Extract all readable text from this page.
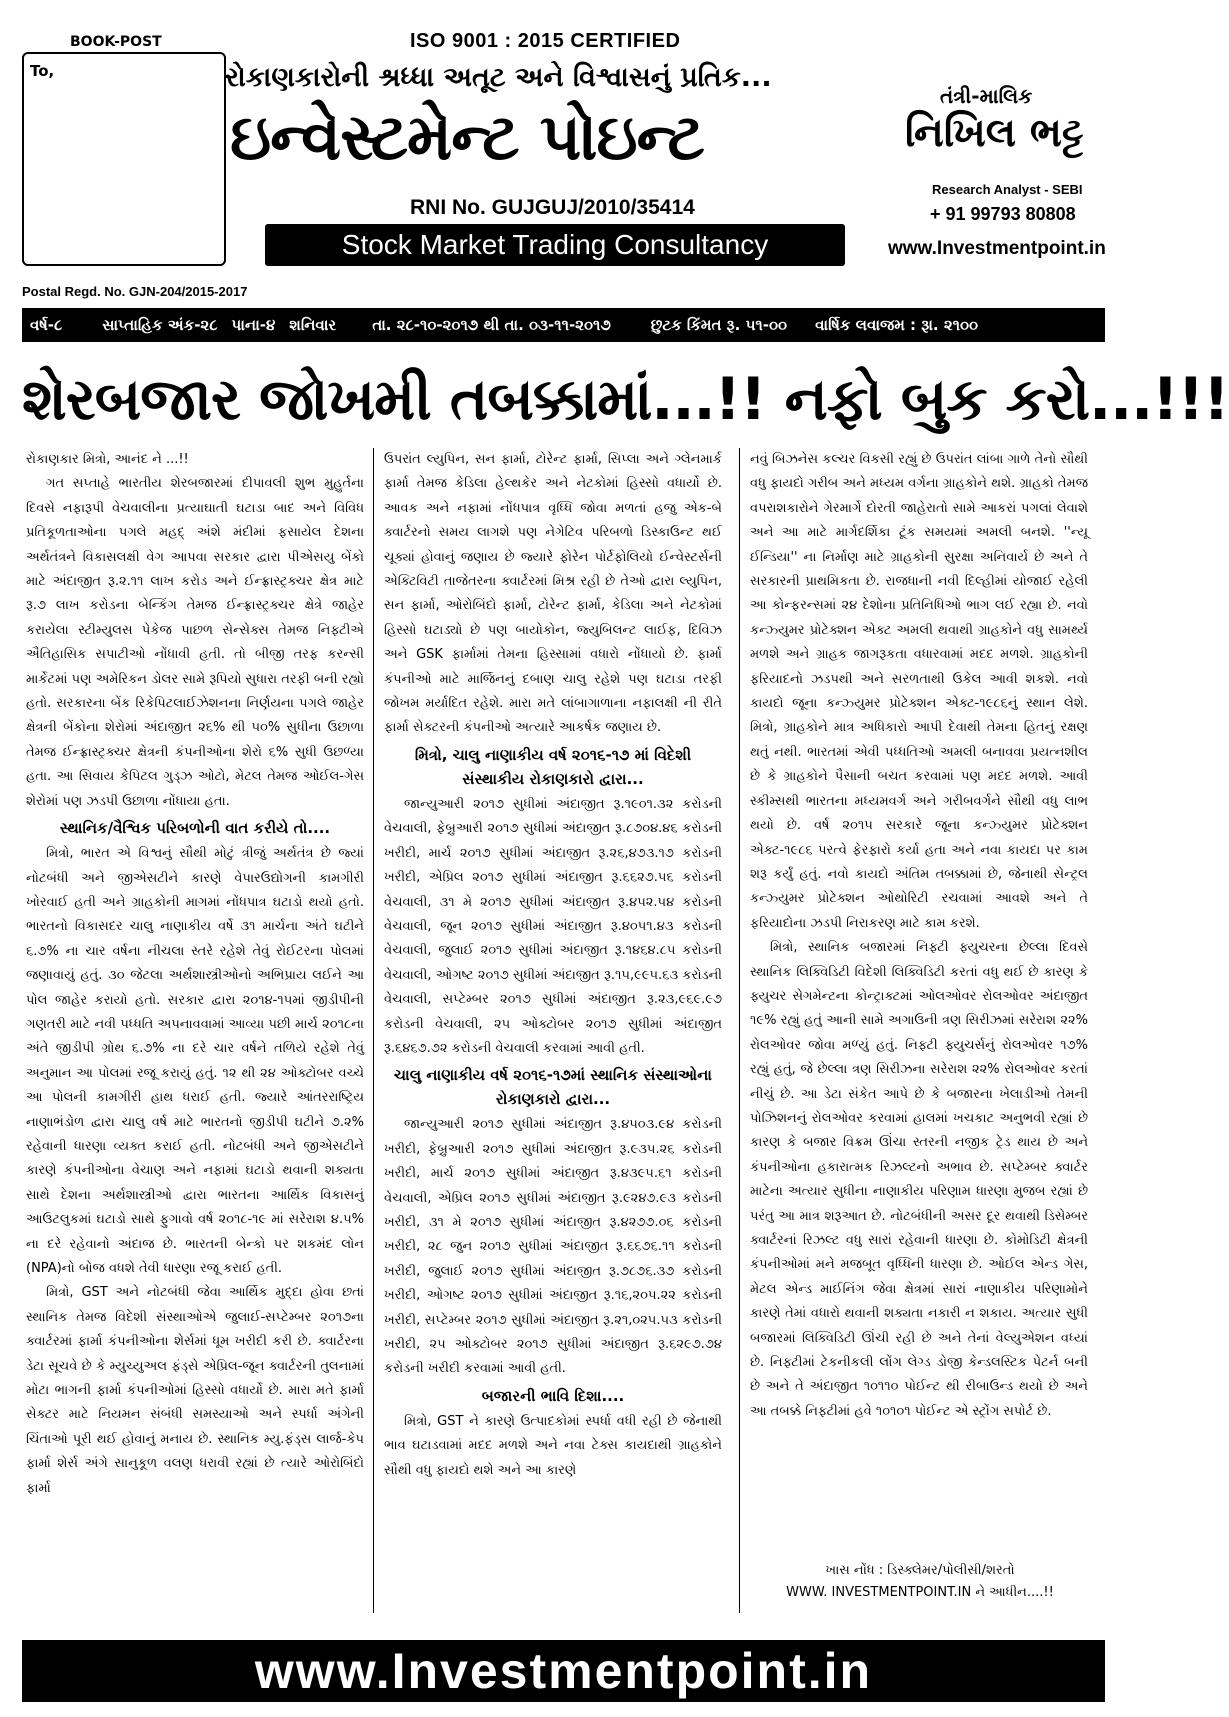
BOOK-POST
To,
ISO 9001 : 2015 CERTIFIED
રોકાણકારોની શ્રધ્ધા અતૂટ અને વિશ્વાસનું પ્રતિક...
ઇન્વેસ્ટમેન્ટ પોઇન્ટ
RNI No. GUJGUJ/2010/35414
Stock Market Trading Consultancy
તંત્રી-માલિક
નિખિલ ભટ્ટ
Research Analyst - SEBI
+ 91 99793 80808
www.Investmentpoint.in
Postal Regd. No. GJN-204/2015-2017
વર્ષ-૮	સાપ્તાહિક અંક-૨૮ પાના-૪ શનિવાર તા. ૨૮-૧૦-૨૦૧૭ થી તા. ૦૩-૧૧-૨૦૧૭	છુટક કિંમત રૂ. ૫૧-૦૦ વાર્ષિક લવાજમ : રૂા. ૨૧૦૦
શેરબજાર જોખમી તબક્કામાં...!! નફો બુક કરો...!!!

રોકાણકાર મિત્રો, આનંદ ને ...!!

ગત સપ્તાહે ભારતીય શેરબજારમાં દીપાવલી શુભ મુહુર્તના દિવસે નફારૂપી વેચવાલીના પ્રત્યાઘાતી ઘટાડા બાદ અને વિવિધ પ્રતિકૂળતાઓના પગલે મહદ્ અંશે મંદીમાં ફસાયેલ દેશના અર્થતંત્રને વિકાસલક્ષી વેગ આપવા સરકાર દ્વારા પીએસયુ બેંકો માટે અંદાજીત રૂ.૨.૧૧ લાખ કરોડ અને ઈન્ફ્રાસ્ટ્રક્ચર ક્ષેત્ર માટે રૂ.૭ લાખ કરોડના બેન્કિંગ તેમજ ઈન્ફ્રાસ્ટ્રક્ચર ક્ષેત્રે જાહેર કરાયેલા સ્ટીમ્યુલસ પેકેજ પાછળ સેન્સેક્સ તેમજ નિફ્ટીએ ઐતિહાસિક સપાટીઓ નોંધાવી હતી. તો બીજી તરફ કરન્સી માર્કેટમાં પણ અમેરિકન ડોલર સામે રૂપિયો સુધારા તરફી બની રહ્યો હતો. સરકારના બેંક રિકેપિટલાઈઝેશનના નિર્ણયના પગલે જાહેર ક્ષેત્રની બેંકોના શેરોમાં અંદાજીત ૨૬% થી ૫૦% સુધીના ઉછાળા તેમજ ઈન્ફ્રાસ્ટ્રક્ચર ક્ષેત્રની કંપનીઓના શેરો ૬% સુધી ઉછળ્યા હતા. આ સિવાય કેપિટલ ગુડ્ઝ ઓટો, મેટલ તેમજ ઓઈલ-ગેસ શેરોમાં પણ ઝડપી ઉછાળા નોંધાયા હતા.

સ્થાનિક/વૈશ્વિક પરિબળોની વાત કરીયે તો....

મિત્રો, ભારત એ વિશ્વનું સૌથી મોટું ત્રીજું અર્થતંત્ર છે જ્યાં નોટબંધી અને જીએસટીને કારણે વેપારઉદ્યોગની કામગીરી ખોરવાઈ હતી અને ગ્રાહકોની માગમાં નોંધપાત્ર ઘટાડો થયો હતો. ભારતનો વિકાસદર ચાલુ નાણાકીય વર્ષે ૩૧ માર્ચના અંતે ઘટીને ૬.૭% ના ચાર વર્ષના નીચલા સ્તરે રહેશે તેવું રોઈટરના પોલમાં જણાવાયું હતું. ૩૦ જેટલા અર્થશાસ્ત્રીઓનો અભિપ્રાય લઈને આ પોલ જાહેર કરાયો હતો. સરકાર દ્વારા ૨૦૧૪-૧૫માં જીડીપીની ગણતરી માટે નવી પધ્ધતિ અપનાવવામાં આવ્યા પછી માર્ચ ૨૦૧૮ના અંતે જીડીપી ગ્રોથ ૬.૭% ના દરે ચાર વર્ષને તળિયે રહેશે તેવું અનુમાન આ પોલમાં રજૂ કરાયું હતું. ૧૨ થી ૨૪ ઓક્ટોબર વચ્ચે આ પોલની કામગીરી હાથ ધરાઈ હતી. જ્યારે આંતરરાષ્ટ્રિય નાણાભંડોળ દ્વારા ચાલુ વર્ષ માટે ભારતનો જીડીપી ઘટીને ૭.૨% રહેવાની ધારણા વ્યક્ત કરાઈ હતી. નોટબંધી અને જીએસટીને કારણે કંપનીઓના વેચાણ અને નફામાં ઘટાડો થવાની શક્યતા સાથે દેશના અર્થશાસ્ત્રીઓ દ્વારા ભારતના આર્થિક વિકાસનું આઉટલુકમાં ઘટાડો સાથે ફુગાવો વર્ષ ૨૦૧૮-૧૯ માં સરેરાશ ૪.૫% ના દરે રહેવાનો અંદાજ છે. ભારતની બેન્કો પર શકમંદ લોન (NPA)નો બોજ વધશે તેવી ધારણા રજૂ કરાઈ હતી.

મિત્રો, GST અને નોટબંધી જેવા આર્થિક મુદ્દા હોવા છતાં સ્થાનિક તેમજ વિદેશી સંસ્થાઓએ જુલાઈ-સપ્ટેમ્બર ૨૦૧૭ના ક્વાર્ટરમાં ફાર્મા કંપનીઓના શેર્સમાં ધૂમ ખરીદી કરી છે. ક્વાર્ટરના ડેટા સૂચવે છે કે મ્યુચ્યુઅલ ફંડ્સે એપ્રિલ-જૂન ક્વાર્ટરની તુલનામાં મોટા ભાગની ફાર્મા કંપનીઓમાં હિસ્સો વધાર્યો છે. મારા મતે ફાર્મા સેક્ટર માટે નિયમન સંબંધી સમસ્યાઓ અને સ્પર્ધા અંગેની ચિંતાઓ પૂરી થઈ હોવાનું મનાય છે. સ્થાનિક મ્યુ.ફંડ્સ લાર્જ-કેપ ફાર્મા શેર્સ અંગે સાનુકૂળ વલણ ધરાવી રહ્યાં છે ત્યારે ઓરોબિંદો ફાર્મા

ઉપરાંત લ્યુપિન, સન ફાર્મા, ટોરેન્ટ ફાર્મા, સિપ્લા અને ગ્લેનમાર્ક ફાર્મા તેમજ કેડિલા હેલ્થકેર અને નેટકોમાં હિસ્સો વધાર્યો છે. આવક અને નફામાં નોંધપાત્ર વૃધ્ધિ જોવા મળતાં હજુ એક-બે ક્વાર્ટરનો સમય લાગશે પણ નેગેટિવ પરિબળો ડિસ્કાઉન્ટ થઈ ચૂક્યાં હોવાનું જણાય છે જ્યારે ફોરેન પોર્ટફોલિયો ઈન્વેસ્ટર્સની એક્ટિવિટી તાજેતરના ક્વાર્ટરમાં મિશ્ર રહી છે તેઓ દ્વારા લ્યુપિન, સન ફાર્મા, ઓરોબિંદો ફાર્મા, ટોરેન્ટ ફાર્મા, કેડિલા અને નેટકોમાં હિસ્સો ઘટાડ્યો છે પણ બાયોકોન, જ્યુબિલન્ટ લાઈફ, દિવિઝ અને GSK ફાર્મામાં તેમના હિસ્સામાં વધારો નોંધાયો છે. ફાર્મા કંપનીઓ માટે માર્જિનનું દબાણ ચાલુ રહેશે પણ ઘટાડા તરફી જોખમ મર્યાદિત રહેશે. મારા મતે લાંબાગાળાના નફાલક્ષી ની રીતે ફાર્મા સેક્ટરની કંપનીઓ અત્યારે આકર્ષક જણાય છે.

મિત્રો, ચાલુ નાણાકીય વર્ષ ૨૦૧૬-૧૭ માં વિદેશી સંસ્થાકીય રોકાણકારો દ્વારા...

જાન્યુઆરી ૨૦૧૭ સુધીમાં અંદાજીત રૂ.૧૯૦૧.૩૨ કરોડની વેચવાલી, ફેબ્રુઆરી ૨૦૧૭ સુધીમાં અંદાજીત રૂ.૮૭૦૪.૪૬ કરોડની ખરીદી, માર્ચ ૨૦૧૭ સુધીમાં અંદાજીત રૂ.૨૬,૪૭૩.૧૭ કરોડની ખરીદી, એપ્રિલ ૨૦૧૭ સુધીમાં અંદાજીત રૂ.૬૬૨૭.૫૬ કરોડની વેચવાલી, ૩૧ મે ૨૦૧૭ સુધીમાં અંદાજીત રૂ.૪૫૨.૫૪ કરોડની વેચવાલી, જૂન ૨૦૧૭ સુધીમાં અંદાજીત રૂ.૪૦૫૧.૪૩ કરોડની વેચવાલી, જુલાઈ ૨૦૧૭ સુધીમાં અંદાજીત રૂ.૧૪૬૪.૮૫ કરોડની વેચવાલી, ઓગષ્ટ ૨૦૧૭ સુધીમાં અંદાજીત રૂ.૧૫,૯૯૫.૬૩ કરોડની વેચવાલી, સપ્ટેમ્બર ૨૦૧૭ સુધીમાં અંદાજીત રૂ.૨૩,૯૬૯.૯૭ કરોડની વેચવાલી, ૨૫ ઓક્ટોબર ૨૦૧૭ સુધીમાં અંદાજીત રૂ.૬૪૬૭.૭૨ કરોડની વેચવાલી કરવામાં આવી હતી.

ચાલુ નાણાકીય વર્ષ ૨૦૧૬-૧૭માં સ્થાનિક સંસ્થાઓના રોકાણકારો દ્વારા...

જાન્યુઆરી ૨૦૧૭ સુધીમાં અંદાજીત રૂ.૪૫૦૩.૯૪ કરોડની ખરીદી, ફેબ્રુઆરી ૨૦૧૭ સુધીમાં અંદાજીત રૂ.૯૩૫.૨૬ કરોડની ખરીદી, માર્ચ ૨૦૧૭ સુધીમાં અંદાજીત રૂ.૪૩૯૫.૬૧ કરોડની વેચવાલી, એપ્રિલ ૨૦૧૭ સુધીમાં અંદાજીત રૂ.૯૨૪૭.૯૩ કરોડની ખરીદી, ૩૧ મે ૨૦૧૭ સુધીમાં અંદાજીત રૂ.૪૨૭૭.૦૬ કરોડની ખરીદી, ૨૮ જુન ૨૦૧૭ સુધીમાં અંદાજીત રૂ.૬૬૭૬.૧૧ કરોડની ખરીદી, જુલાઈ ૨૦૧૭ સુધીમાં અંદાજીત રૂ.૭૮૭૬.૩૭ કરોડની ખરીદી, ઓગષ્ટ ૨૦૧૭ સુધીમાં અંદાજીત રૂ.૧૬,૨૦૫.૨૨ કરોડની ખરીદી, સપ્ટેમ્બર ૨૦૧૭ સુધીમાં અંદાજીત રૂ.૨૧,૦૨૫.૫૩ કરોડની ખરીદી, ૨૫ ઓક્ટોબર ૨૦૧૭ સુધીમાં અંદાજીત રૂ.૬૨૯૭.૭૪ કરોડની ખરીદી કરવામાં આવી હતી.

બજારની ભાવિ દિશા....

મિત્રો, GST ને કારણે ઉત્પાદકોમાં સ્પર્ધા વધી રહી છે જેનાથી ભાવ ઘટાડવામાં મદદ મળશે અને નવા ટેક્સ કાયદાથી ગ્રાહકોને સૌથી વધુ ફાયદો થશે અને આ કારણે

નવું બિઝનેસ કલ્ચર વિકસી રહ્યું છે ઉપરાંત લાંબા ગાળે તેનો સૌથી વધુ ફાયદો ગરીબ અને મધ્યમ વર્ગના ગ્રાહકોને થશે. ગ્રાહકો તેમજ વપરાશકારોને ગેરમાર્ગે દોરતી જાહેરાતો સામે આકરાં પગલાં લેવાશે અને આ માટે માર્ગદર્શિકા ટૂંક સમયમાં અમલી બનશે. ''ન્યૂ ઈન્ડિયા'' ના નિર્માણ માટે ગ્રાહકોની સુરક્ષા અનિવાર્ય છે અને તે સરકારની પ્રાથમિકતા છે. રાજધાની નવી દિલ્હીમાં યોજાઈ રહેલી આ કોન્ફરન્સમાં ૨૪ દેશોના પ્રતિનિધિઓ ભાગ લઈ રહ્યા છે. નવો કન્ઝ્યુમર પ્રોટેક્શન એક્ટ અમલી થવાથી ગ્રાહકોને વધુ સામર્થ્ય મળશે અને ગ્રાહક જાગરૂકતા વધારવામાં મદદ મળશે. ગ્રાહકોની ફરિયાદનો ઝડપથી અને સરળતાથી ઉકેલ આવી શકશે. નવો કાયદો જૂના કન્ઝ્યુમર પ્રોટેક્શન એક્ટ-૧૯૮૬નું સ્થાન લેશે. મિત્રો, ગ્રાહકોને માત્ર અધિકારો આપી દેવાથી તેમના હિતનું રક્ષણ થતું નથી. ભારતમાં એવી પધ્ધતિઓ અમલી બનાવવા પ્રયત્નશીલ છે કે ગ્રાહકોને પૈસાની બચત કરવામાં પણ મદદ મળશે. આવી સ્કીમ્સથી ભારતના મધ્યમવર્ગ અને ગરીબવર્ગને સૌથી વધુ લાભ થયો છે. વર્ષ ૨૦૧૫ સરકારે જૂના કન્ઝ્યુમર પ્રોટેક્શન એક્ટ-૧૯૮૬ પરત્વે ફેરફારો કર્યા હતા અને નવા કાયદા પર કામ શરૂ કર્યું હતું. નવો કાયદો અંતિમ તબક્કામાં છે, જેનાથી સેન્ટ્રલ કન્ઝ્યુમર પ્રોટેક્શન ઓથોરિટી રચવામાં આવશે અને તે ફરિયાદોના ઝડપી નિરાકરણ માટે કામ કરશે.

મિત્રો, સ્થાનિક બજારમાં નિફ્ટી ફ્યુચરના છેલ્લા દિવસે સ્થાનિક લિક્વિડિટી વિદેશી લિક્વિડિટી કરતાં વધુ થઈ છે કારણ કે ફ્યુચર સેગમેન્ટના કોન્ટ્રાક્ટમાં ઓલઓવર રોલઓવર અંદાજીત ૧૯% રહ્યું હતું આની સામે અગાઉની ત્રણ સિરીઝમાં સરેરાશ ૨૨% રોલઓવર જોવા મળ્યું હતું. નિફ્ટી ફ્યુચર્સનું રોલઓવર ૧૭% રહ્યું હતું, જે છેલ્લા ત્રણ સિરીઝના સરેરાશ ૨૨% રોલઓવર કરતાં નીચું છે. આ ડેટા સંકેત આપે છે કે બજારના ખેલાડીઓ તેમની પોઝિશનનું રોલઓવર કરવામાં હાલમાં ખચકાટ અનુભવી રહ્યાં છે કારણ કે બજાર વિક્રમ ઊંચા સ્તરની નજીક ટ્રેડ થાય છે અને કંપનીઓના હકારાત્મક રિઝલ્ટનો અભાવ છે. સપ્ટેમ્બર ક્વાર્ટર માટેના અત્યાર સુધીના નાણાકીય પરિણામ ધારણા મુજબ રહ્યાં છે પરંતુ આ માત્ર શરૂઆત છે. નોટબંધીની અસર દૂર થવાથી ડિસેમ્બર ક્વાર્ટરનાં રિઝલ્ટ વધુ સારાં રહેવાની ધારણા છે. કોમોડિટી ક્ષેત્રની કંપનીઓમાં મને મજબૂત વૃધ્ધિની ધારણા છે. ઓઈલ એન્ડ ગેસ, મેટલ એન્ડ માઈનિંગ જેવા ક્ષેત્રમાં સારાં નાણાકીય પરિણામોને કારણે તેમાં વધારો થવાની શક્યતા નકારી ન શકાય. અત્યાર સુધી બજારમાં લિક્વિડિટી ઊંચી રહી છે અને તેનાં વેલ્યુએશન વધ્યાં છે. નિફ્ટીમાં ટેકનીકલી લોંગ લેગ્ડ ડોજી કેન્ડલસ્ટિક પેટર્ન બની છે અને તે અંદાજીત ૧૦૧૧૦ પોઈન્ટ થી રીબાઉન્ડ થયો છે અને આ તબક્કે નિફ્ટીમાં હવે ૧૦૧૦૧ પોઈન્ટ એ સ્ટ્રોંગ સપોર્ટ છે.

ખાસ નોંધ : ડિસ્ક્લેમર/પોલીસી/શરતો
WWW. INVESTMENTPOINT.IN ને આધીન....!!
www.Investmentpoint.in
